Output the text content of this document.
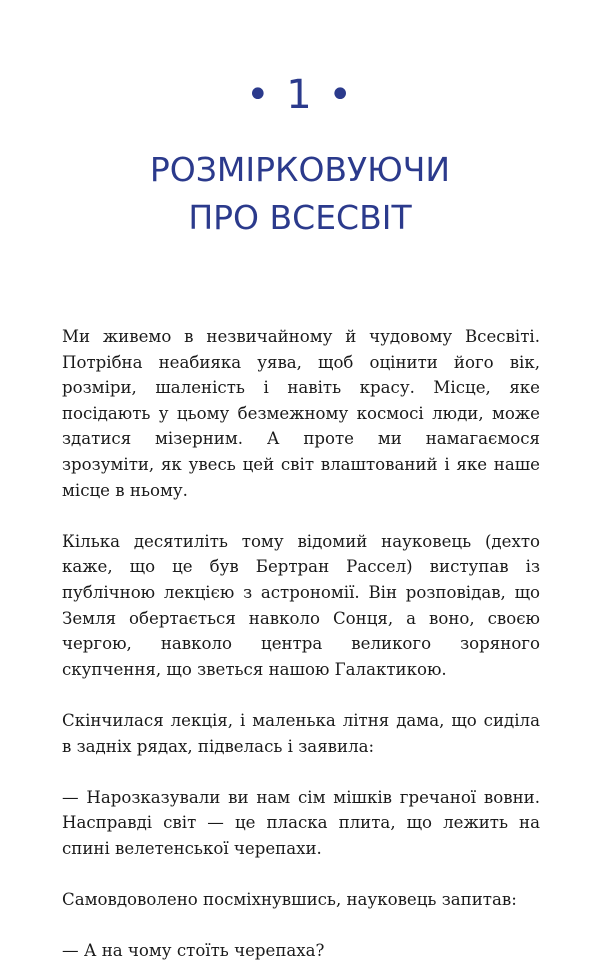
• 1 •
РОЗМІРКОВУЮЧИ
ПРО ВСЕСВІТ

Ми живемо в незвичайному й чудовому Всесвіті. Потрібна неабияка уява, щоб оцінити його вік, розміри, шаленість і навіть красу. Місце, яке посідають у цьому безмежному космосі люди, може здатися мізерним. А проте ми намагаємося зрозуміти, як увесь цей світ влаштований і яке наше місце в ньому.

Кілька десятиліть тому відомий науковець (дехто каже, що це був Бертран Рассел) виступав із публічною лекцією з астрономії. Він розповідав, що Земля обертається навколо Сонця, а воно, своєю чергою, навколо центра великого зоряного скупчення, що зветься нашою Галактикою.

Скінчилася лекція, і маленька літня дама, що сиділа в задніх рядах, підвелась і заявила:

— Нарозказували ви нам сім мішків гречаної вовни. Насправді світ — це пласка плита, що лежить на спині велетенської черепахи.

Самовдоволено посміхнувшись, науковець запитав:

— А на чому стоїть черепаха?
